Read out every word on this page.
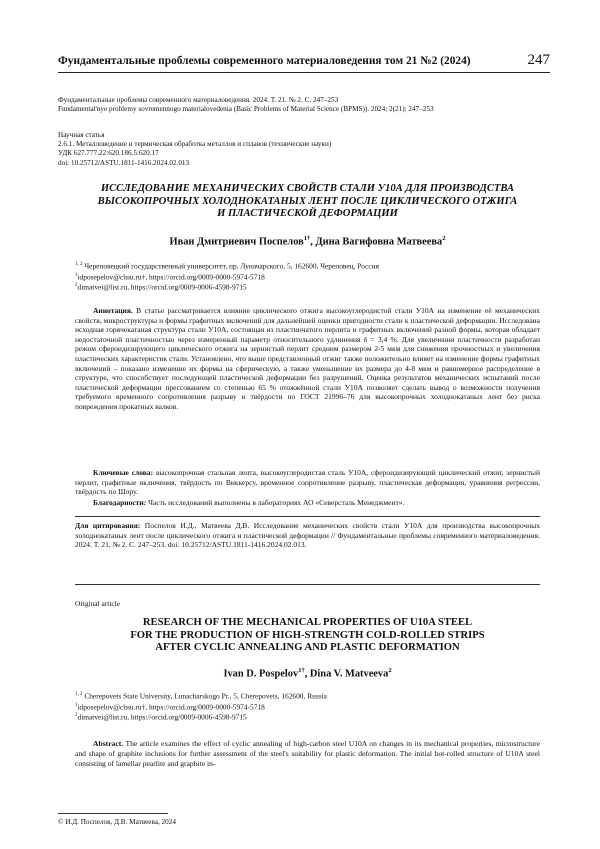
Фундаментальные проблемы современного материаловедения том 21 №2 (2024)	247
Фундаментальные проблемы современного материаловедения. 2024. Т. 21. № 2. С. 247–253
Fundamental'nye problemy sovremennogo materialovedenia (Basic Problems of Material Science (BPMS)). 2024; 2(21): 247–253
Научная статья
2.6.1. Металловедение и термическая обработка металлов и сплавов (технические науки)
УДК 627.777.22:620.186.5:620.17
doi: 10.25712/ASTU.1811-1416.2024.02.013
ИССЛЕДОВАНИЕ МЕХАНИЧЕСКИХ СВОЙСТВ СТАЛИ У10А ДЛЯ ПРОИЗВОДСТВА
ВЫСОКОПРОЧНЫХ ХОЛОДНОКАТАНЫХ ЛЕНТ ПОСЛЕ ЦИКЛИЧЕСКОГО ОТЖИГА
И ПЛАСТИЧЕСКОЙ ДЕФОРМАЦИИ
Иван Дмитриевич Поспелов$^{1\dagger}$, Дина Вагифовна Матвеева$^2$
$^{1, 2}$ Череповецкий государственный университет, пр. Луначарского, 5, 162600, Череповец, Россия
$^1$idposepelov@chsu.ru†, https://orcid.org/0009-0000-5974-5718
$^2$dimatvei@list.ru, https://orcid.org/0009-0006-4598-9715
Аннотация. В статье рассматривается влияние циклического отжига высокоуглеродистой стали У10А на изменение её механических свойств, микроструктуры и формы графитных включений для дальнейшей оценки пригодности стали к пластической деформации. Исследована исходная горячекатаная структура стали У10А, состоящая из пластинчатого перлита и графитных включений разной формы, которая обладает недостаточной пластичностью через измеренный параметр относительного удлинения δ = 3,4 %. Для увеличения пластичности разработан режим сфероидизирующего циклического отжига на зернистый перлит средним размером 2-5 мкм для снижения прочностных и увеличения пластических характеристик стали. Установлено, что выше представленный отжиг также положительно влияет на изменение формы графитных включений – показано изменение их формы на сферическую, а также уменьшение их размера до 4-8 мкм и равномерное распределение в структуре, что способствует последующей пластической деформации без разрушений. Оценка результатов механических испытаний после пластической деформации прессованием со степенью 65 % отожжённой стали У10А позволяет сделать вывод о возможности получения требуемого временного сопротивления разрыву и твёрдости по ГОСТ 21996–76 для высокопрочных холоднокатаных лент без риска повреждения прокатных валков.
Ключевые слова: высокопрочная стальная лента, высокоуглеродистая сталь У10А, сфероидизирующий циклический отжиг, зернистый перлит, графитные включения, твёрдость по Виккерсу, временное сопротивление разрыву, пластическая деформация, уравнения регрессии, твёрдость по Шору.
Благодарности: Часть исследований выполнены в лабораториях АО «Северсталь Менеджмент».
Для цитирования: Поспелов И.Д., Матвеева Д.В. Исследование механических свойств стали У10А для производства высокопрочных холоднокатаных лент после циклического отжига и пластической деформации // Фундаментальные проблемы современного материаловедения. 2024. Т. 21, № 2. С. 247–253. doi: 10.25712/ASTU.1811-1416.2024.02.013.
Original article
RESEARCH OF THE MECHANICAL PROPERTIES OF U10A STEEL
FOR THE PRODUCTION OF HIGH-STRENGTH COLD-ROLLED STRIPS
AFTER CYCLIC ANNEALING AND PLASTIC DEFORMATION
Ivan D. Pospelov$^{1\dagger}$, Dina V. Matveeva$^2$
$^{1, 2}$ Cherepovets State University, Lunacharskogo Pr., 5, Cherepovets, 162600, Russia
$^1$idposepelov@chsu.ru†, https://orcid.org/0009-0000-5974-5718
$^2$dimatvei@list.ru, https://orcid.org/0009-0006-4598-9715
Abstract. The article examines the effect of cyclic annealing of high-carbon steel U10A on changes in its mechanical properties, microstructure and shape of graphite inclusions for further assessment of the steel's suitability for plastic deformation. The initial hot-rolled structure of U10A steel consisting of lamellar pearlite and graphite in-
© И.Д. Поспелов, Д.В. Матвеева, 2024
